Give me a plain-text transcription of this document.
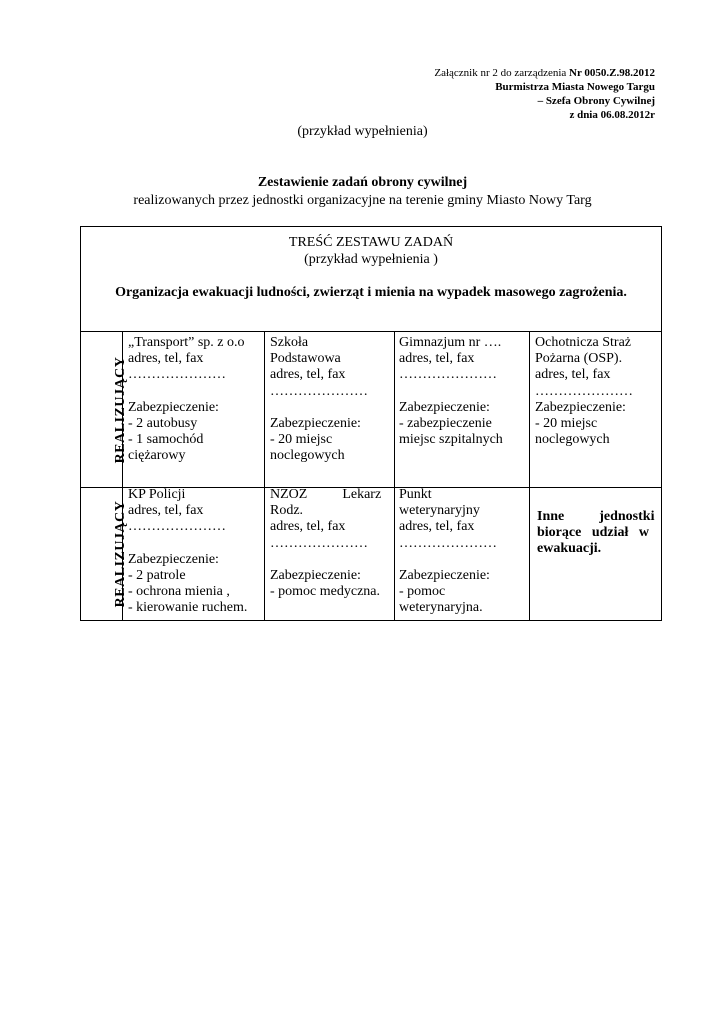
Załącznik nr 2 do zarządzenia Nr 0050.Z.98.2012
Burmistrza Miasta Nowego Targu
– Szefa Obrony Cywilnej
z dnia 06.08.2012r
(przykład wypełnienia)
Zestawienie zadań obrony cywilnej
realizowanych przez jednostki organizacyjne na terenie gminy Miasto Nowy Targ
TREŚĆ ZESTAWU ZADAŃ
(przykład wypełnienia )
Organizacja ewakuacji ludności, zwierząt i mienia na wypadek masowego zagrożenia.
REALIZUJĄCY
REALIZUJĄCY
„Transport” sp. z o.o
adres, tel, fax
…………………
Zabezpieczenie:
- 2 autobusy
- 1 samochód
ciężarowy
Szkoła
Podstawowa
adres, tel, fax
…………………
Zabezpieczenie:
- 20 miejsc
noclegowych
Gimnazjum nr ….
adres, tel, fax
…………………
Zabezpieczenie:
- zabezpieczenie
miejsc szpitalnych
Ochotnicza Straż
Pożarna (OSP).
adres, tel, fax
…………………
Zabezpieczenie:
- 20 miejsc
noclegowych
KP Policji
adres, tel, fax
…………………
Zabezpieczenie:
- 2 patrole
- ochrona mienia ,
- kierowanie ruchem.
NZOZ          Lekarz
Rodz.
adres, tel, fax
…………………
Zabezpieczenie:
- pomoc medyczna.
Punkt
weterynaryjny
adres, tel, fax
…………………
Zabezpieczenie:
- pomoc
weterynaryjna.
Inne          jednostki
biorące   udział   w
ewakuacji.
